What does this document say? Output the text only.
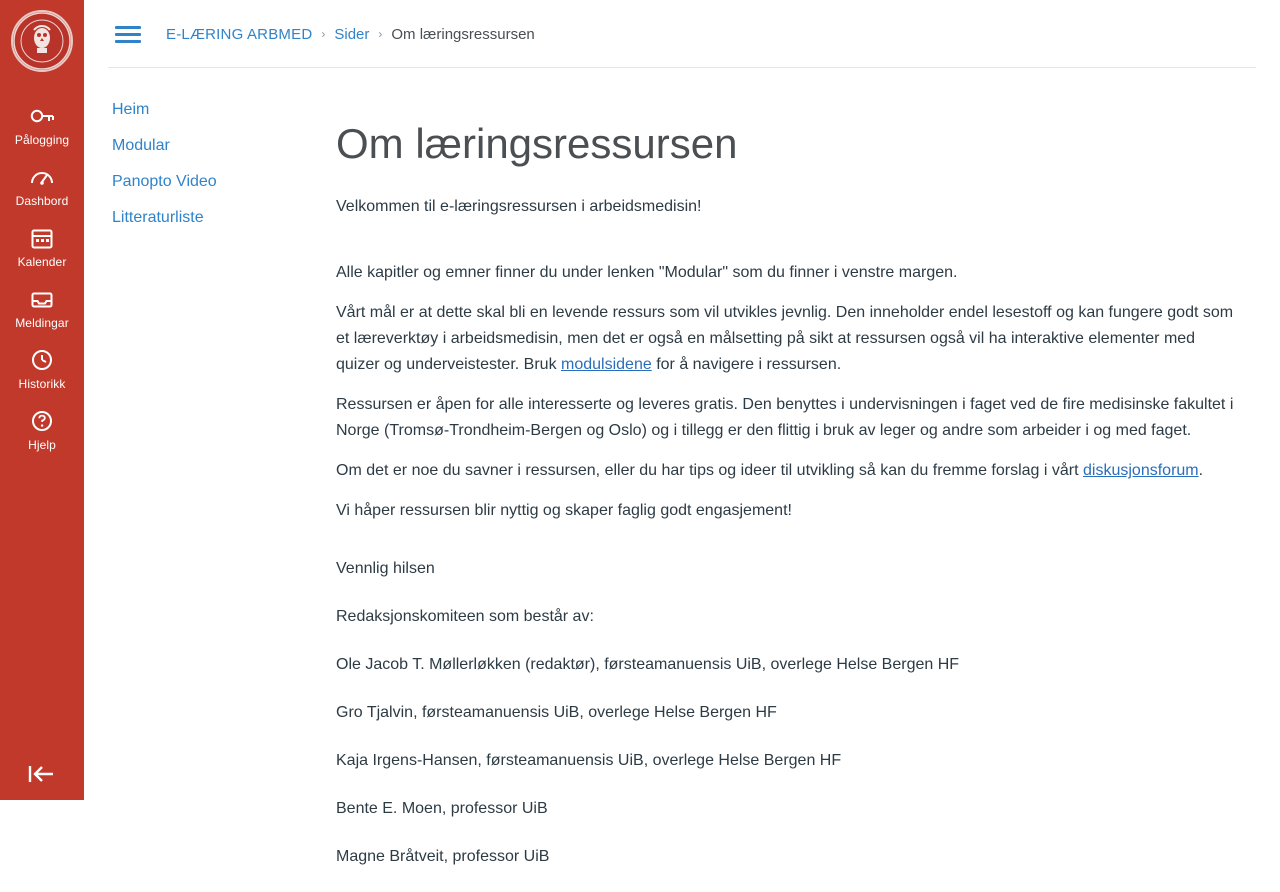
Pålogging
Dashbord
Kalender
Meldingar
Historikk
Hjelp
E-LÆRING ARBMED › Sider › Om læringsressursen
Heim
Modular
Panopto Video
Litteraturliste
Om læringsressursen

Velkommen til e-læringsressursen i arbeidsmedisin!

Alle kapitler og emner finner du under lenken "Modular" som du finner i venstre margen.

Vårt mål er at dette skal bli en levende ressurs som vil utvikles jevnlig. Den inneholder endel lesestoff og kan fungere godt som et læreverktøy i arbeidsmedisin, men det er også en målsetting på sikt at ressursen også vil ha interaktive elementer med quizer og underveistester. Bruk modulsidene for å navigere i ressursen.

Ressursen er åpen for alle interesserte og leveres gratis. Den benyttes i undervisningen i faget ved de fire medisinske fakultet i Norge (Tromsø-Trondheim-Bergen og Oslo) og i tillegg er den flittig i bruk av leger og andre som arbeider i og med faget.

Om det er noe du savner i ressursen, eller du har tips og ideer til utvikling så kan du fremme forslag i vårt diskusjonsforum.

Vi håper ressursen blir nyttig og skaper faglig godt engasjement!

Vennlig hilsen

Redaksjonskomiteen som består av:

Ole Jacob T. Møllerløkken (redaktør), førsteamanuensis UiB, overlege Helse Bergen HF

Gro Tjalvin, førsteamanuensis UiB, overlege Helse Bergen HF

Kaja Irgens-Hansen, førsteamanuensis UiB, overlege Helse Bergen HF

Bente E. Moen, professor UiB

Magne Bråtveit, professor UiB
